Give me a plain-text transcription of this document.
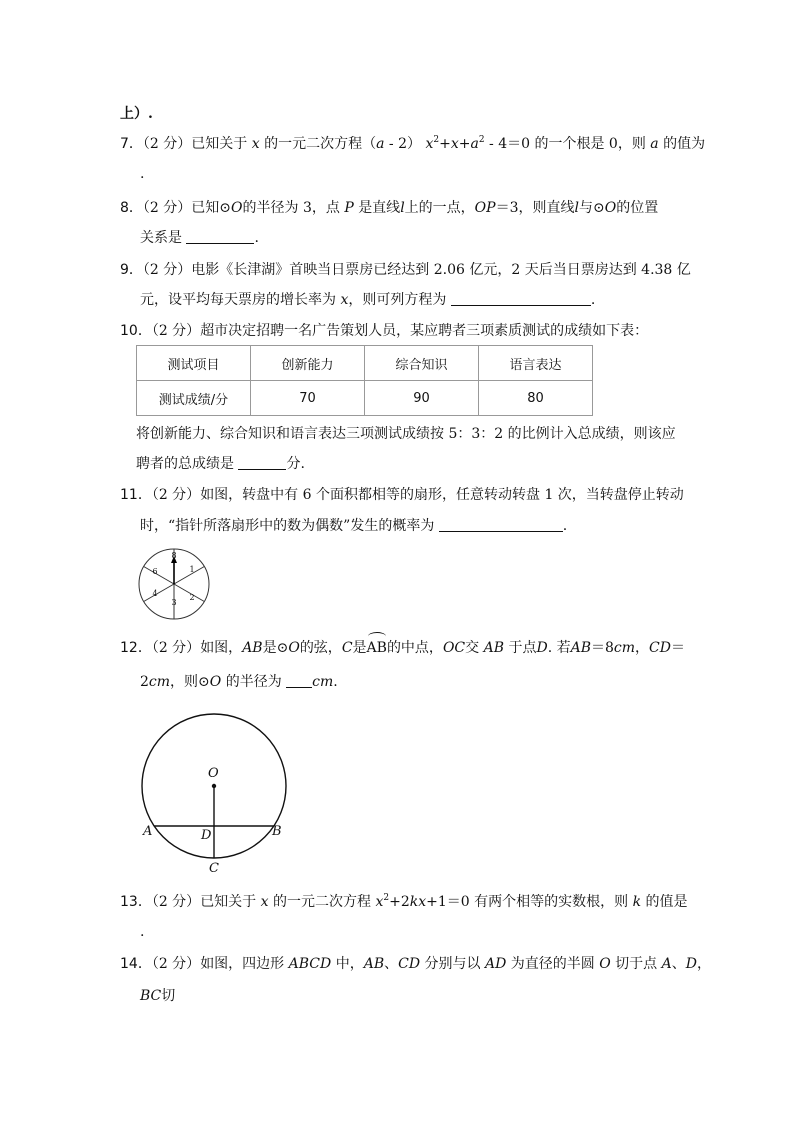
上）.
7．（2 分）已知关于 x 的一元二次方程（a - 2） $x^2+x+a^2 - 4=0$ 的一个根是 0，则 a 的值为
.
8．（2 分）已知⊙O的半径为 3，点 P 是直线l上的一点，OP＝3，则直线l与⊙O的位置
关系是	.
9．（2 分）电影《长津湖》首映当日票房已经达到 2.06 亿元，2 天后当日票房达到 4.38 亿
元，设平均每天票房的增长率为 x，则可列方程为	.
10．（2 分）超市决定招聘一名广告策划人员，某应聘者三项素质测试的成绩如下表：
测试项目	创新能力	综合知识	语言表达
测试成绩/分	70	90	80
将创新能力、综合知识和语言表达三项测试成绩按 5：3：2 的比例计入总成绩，则该应
聘者的总成绩是	分.
11．（2 分）如图，转盘中有 6 个面积都相等的扇形，任意转动转盘 1 次，当转盘停止转动
时，“指针所落扇形中的数为偶数”发生的概率为	.
8
1
2
3
4
6
12．（2 分）如图，AB是⊙O的弦，C是AB的中点，OC交 AB 于点D. 若AB＝8cm，CD＝
2cm，则⊙O 的半径为 cm.
O
A	B
D
C
13．（2 分）已知关于 x 的一元二次方程 $x^2+2kx+1=0$ 有两个相等的实数根，则 k 的值是
.
14．（2 分）如图，四边形 ABCD 中，AB、CD 分别与以 AD 为直径的半圆 O 切于点 A、D，
BC切
